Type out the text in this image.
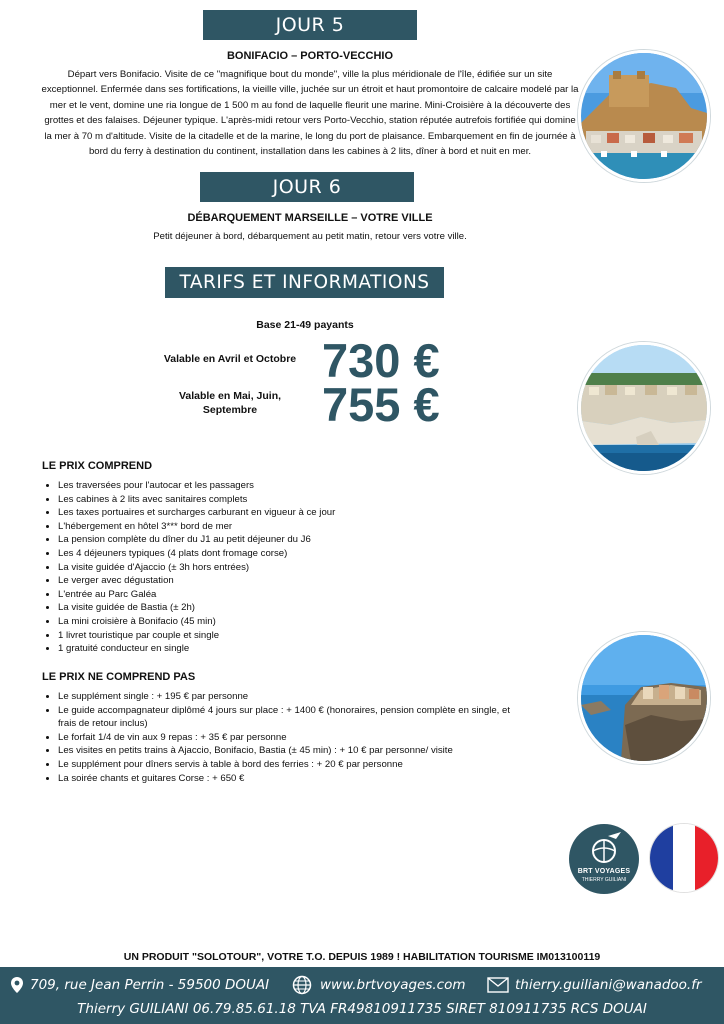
JOUR 5
BONIFACIO – PORTO-VECCHIO
Départ vers Bonifacio. Visite de ce "magnifique bout du monde", ville la plus méridionale de l'île, édifiée sur un site exceptionnel. Enfermée dans ses fortifications, la vieille ville, juchée sur un étroit et haut promontoire de calcaire modelé par la mer et le vent, domine une ria longue de 1 500 m au fond de laquelle fleurit une marine. Mini-Croisière à la découverte des grottes et des falaises. Déjeuner typique. L'après-midi retour vers Porto-Vecchio, station réputée autrefois fortifiée qui domine la mer à 70 m d'altitude. Visite de la citadelle et de la marine, le long du port de plaisance. Embarquement en fin de journée à bord du ferry à destination du continent, installation dans les cabines à 2 lits, dîner à bord et nuit en mer.
JOUR 6
DÉBARQUEMENT MARSEILLE – VOTRE VILLE
Petit déjeuner à bord, débarquement au petit matin, retour vers votre ville.
TARIFS ET INFORMATIONS
Base 21-49 payants
Valable en Avril et Octobre 730 €
Valable en Mai, Juin, Septembre	755 €
LE PRIX COMPREND
• Les traversées pour l'autocar et les passagers
• Les cabines à 2 lits avec sanitaires complets
• Les taxes portuaires et surcharges carburant en vigueur à ce jour
• L'hébergement en hôtel 3*** bord de mer
• La pension complète du dîner du J1 au petit déjeuner du J6
• Les 4 déjeuners typiques (4 plats dont fromage corse)
• La visite guidée d'Ajaccio (± 3h hors entrées)
• Le verger avec dégustation
• L'entrée au Parc Galéa
• La visite guidée de Bastia (± 2h)
• La mini croisière à Bonifacio (45 min)
• 1 livret touristique par couple et single
• 1 gratuité conducteur en single
LE PRIX NE COMPREND PAS
• Le supplément single : + 195 € par personne
• Le guide accompagnateur diplômé 4 jours sur place : + 1400 € (honoraires, pension complète en single, et frais de retour inclus)
• Le forfait 1/4 de vin aux 9 repas : + 35 € par personne
• Les visites en petits trains à Ajaccio, Bonifacio, Bastia (± 45 min) : + 10 € par personne/ visite
• Le supplément pour dîners servis à table à bord des ferries : + 20 € par personne
• La soirée chants et guitares Corse : + 650 €
BRT VOYAGES
THIERRY GUILIANI
UN PRODUIT "SOLOTOUR", VOTRE T.O. DEPUIS 1989 ! HABILITATION TOURISME IM013100119
709, rue Jean Perrin - 59500 DOUAI	www.brtvoyages.com	thierry.guiliani@wanadoo.fr
Thierry GUILIANI 06.79.85.61.18 TVA FR49810911735 SIRET 810911735 RCS DOUAI
